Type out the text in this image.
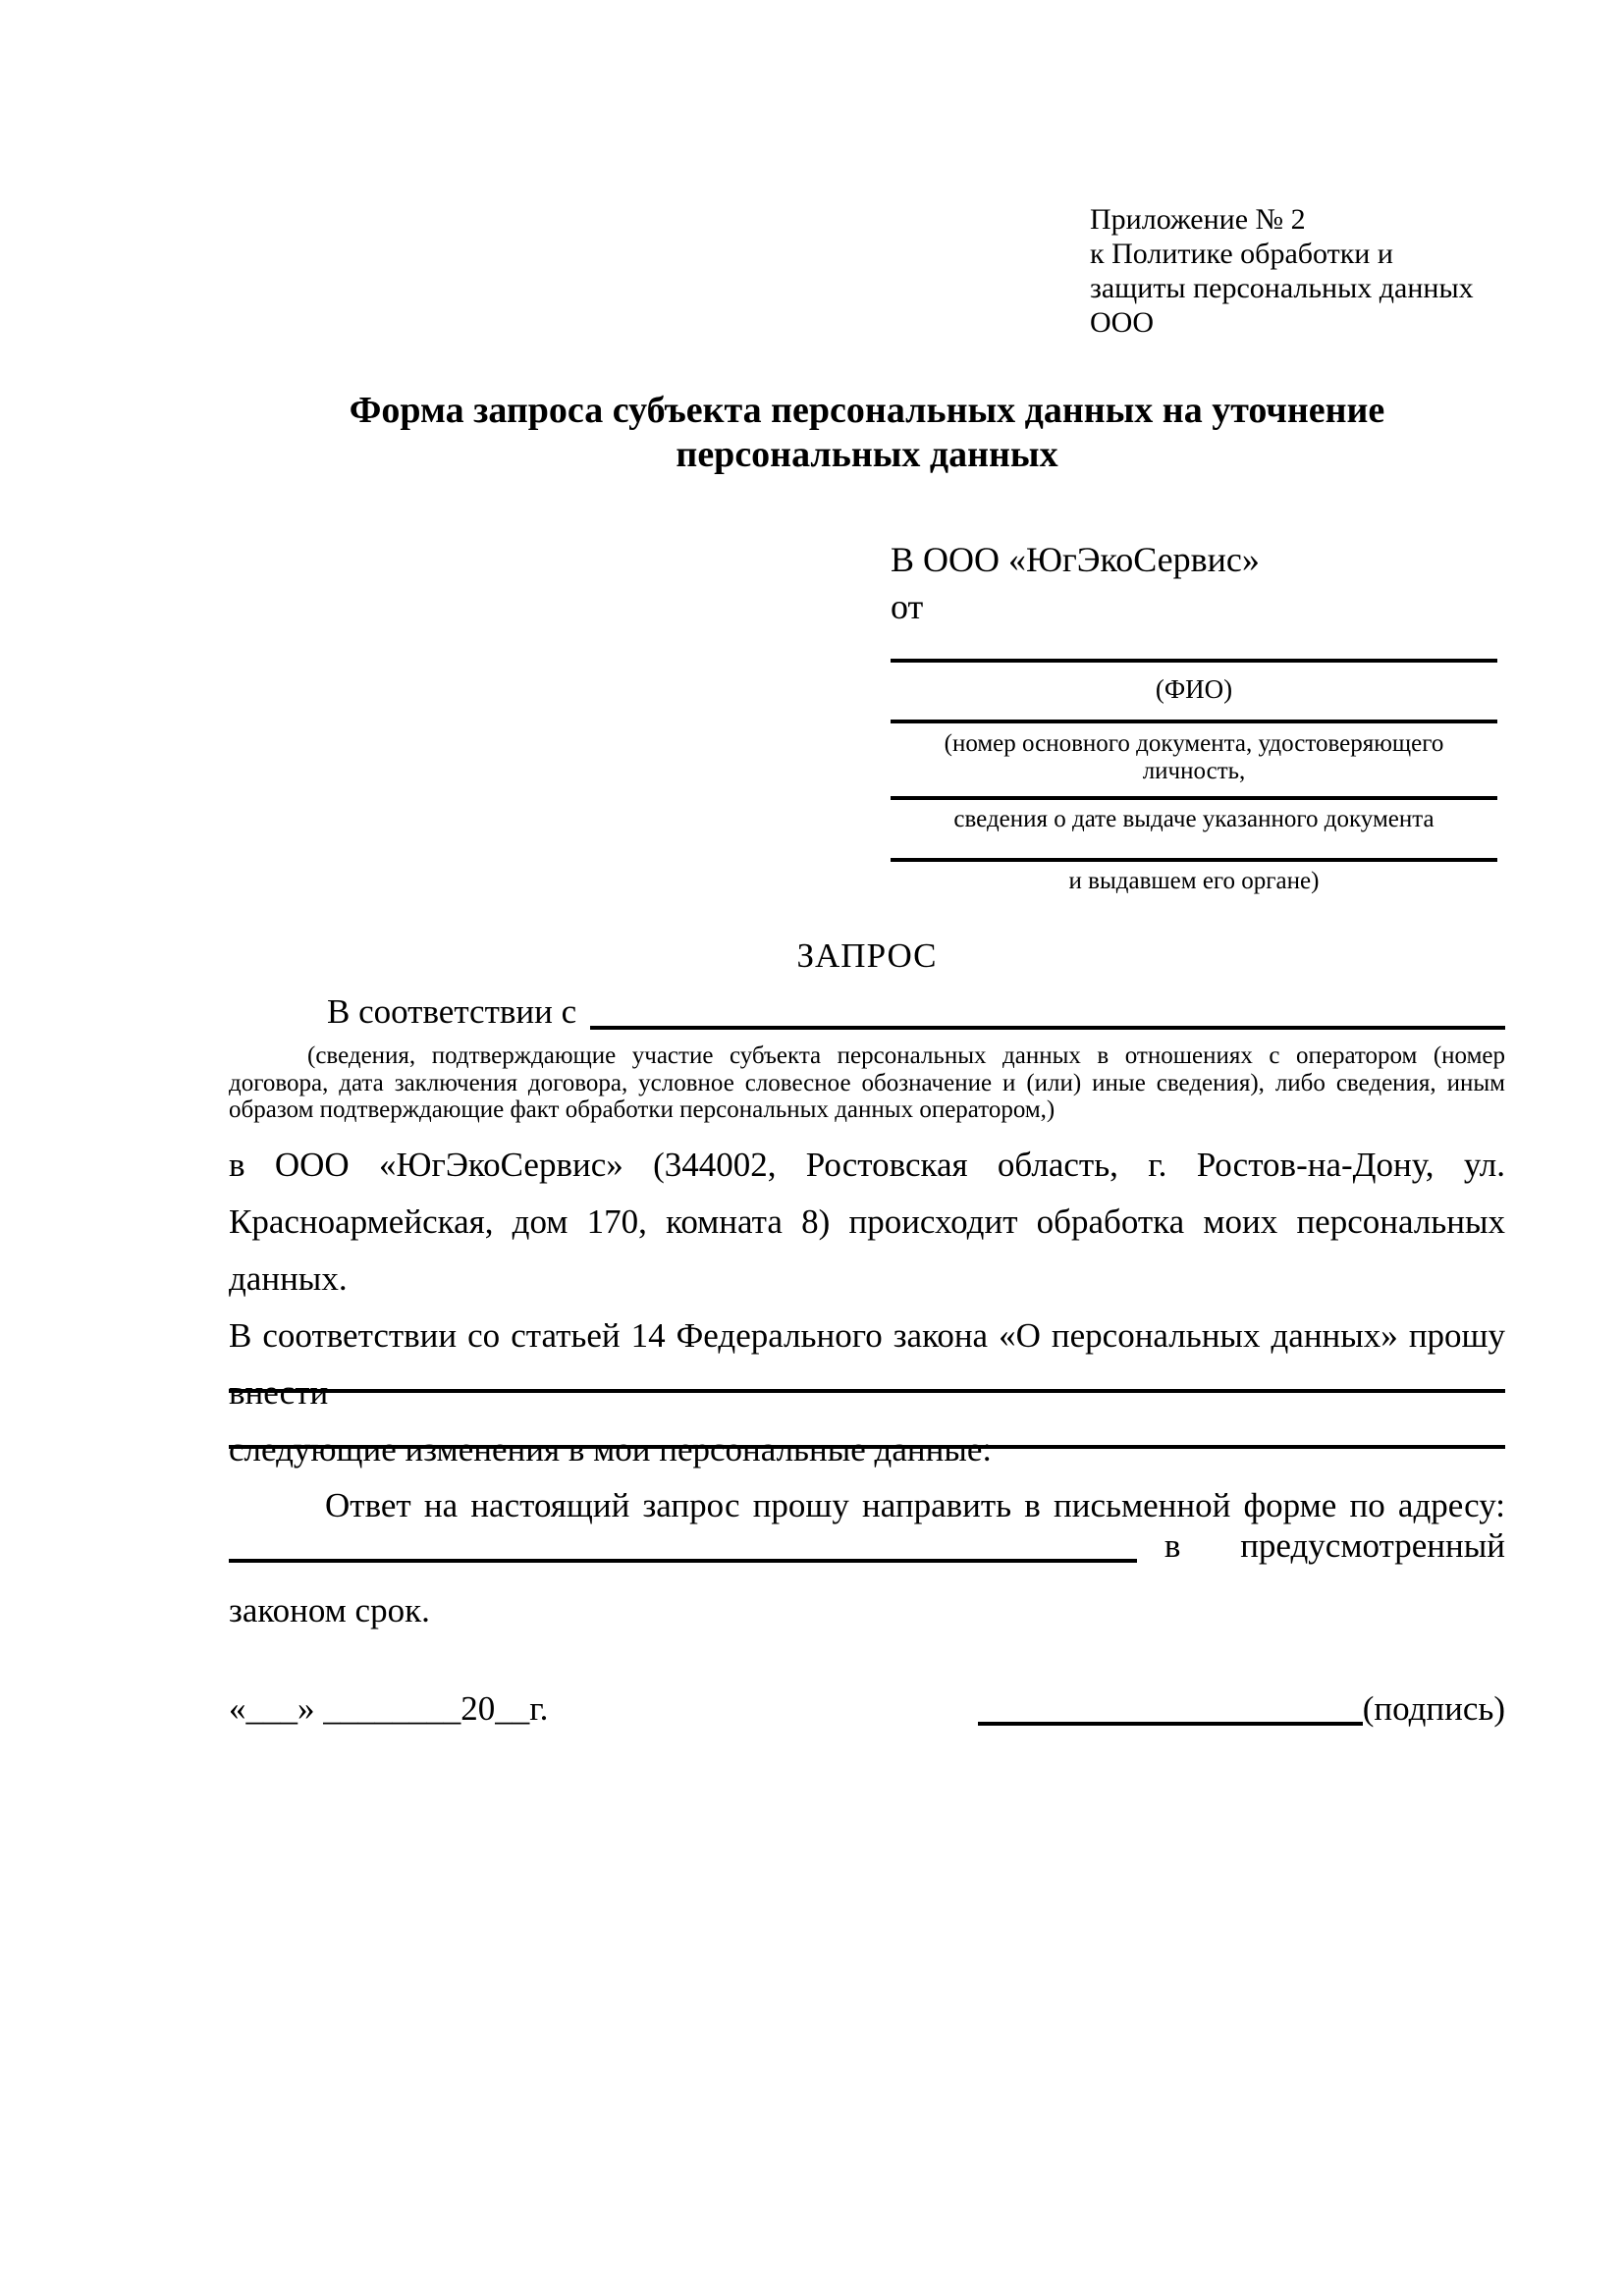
Приложение № 2
к Политике обработки и
защиты персональных данных
ООО
Форма запроса субъекта персональных данных на уточнение персональных данных
В ООО «ЮгЭкоСервис»
от
(ФИО)
(номер основного документа, удостоверяющего личность,
сведения о дате выдаче указанного документа
и выдавшем его органе)
ЗАПРОС
В соответствии с
(сведения, подтверждающие участие субъекта персональных данных в отношениях с оператором (номер договора, дата заключения договора, условное словесное обозначение и (или) иные сведения), либо сведения, иным образом подтверждающие факт обработки персональных данных оператором,)
в ООО «ЮгЭкоСервис» (344002, Ростовская область, г. Ростов-на-Дону, ул.
Красноармейская, дом 170, комната 8) происходит обработка моих персональных данных.
В соответствии со статьей 14 Федерального закона «О персональных данных» прошу внести
следующие изменения в мои персональные данные:
Ответ на настоящий запрос прошу направить в письменной форме по адресу:
в предусмотренный
законом срок.
«___» ________20__г.	(подпись)
